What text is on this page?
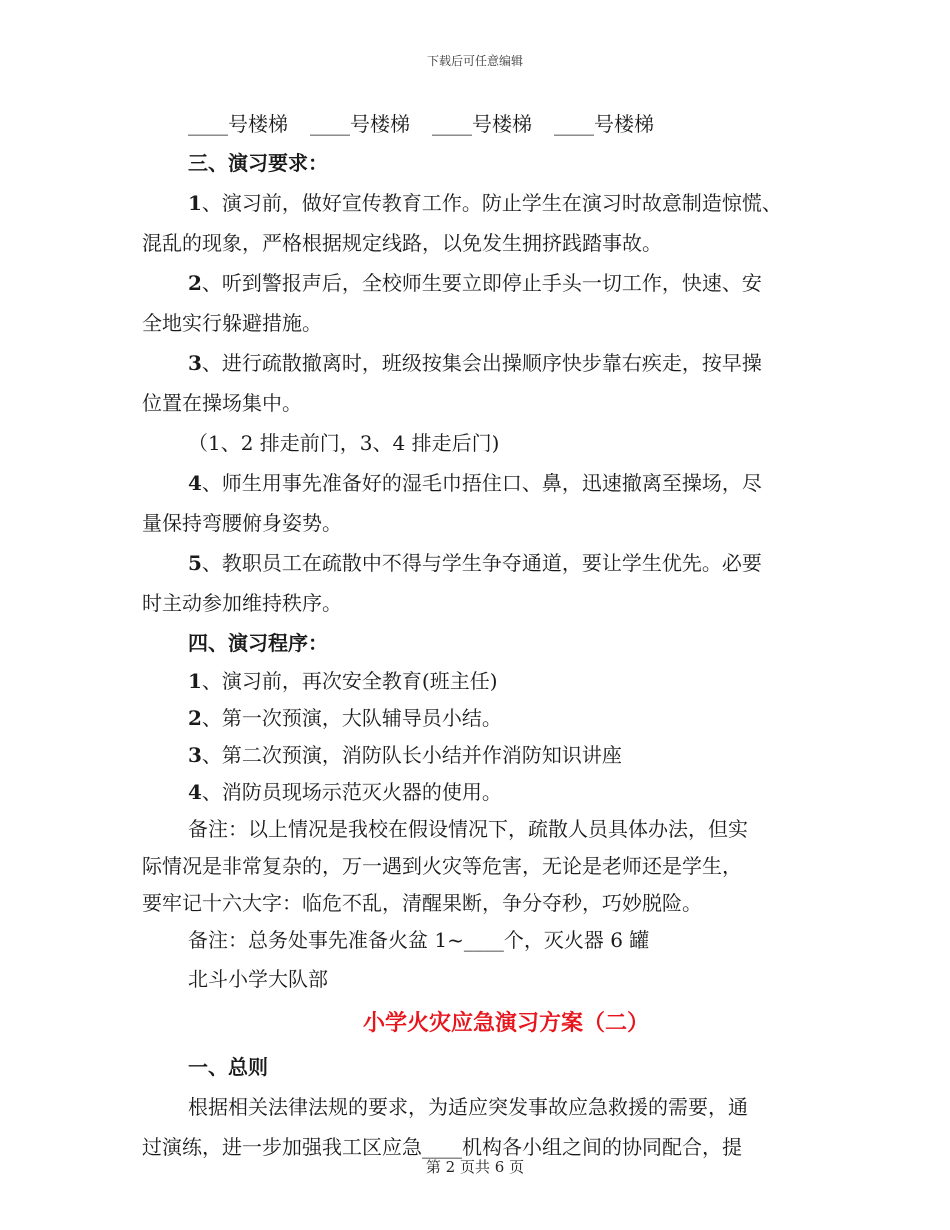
下载后可任意编辑
____号楼梯 ____号楼梯 ____号楼梯 ____号楼梯
三、演习要求：
1、演习前，做好宣传教育工作。防止学生在演习时故意制造惊慌、
混乱的现象，严格根据规定线路，以免发生拥挤践踏事故。
2、听到警报声后，全校师生要立即停止手头一切工作，快速、安
全地实行躲避措施。
3、进行疏散撤离时，班级按集会出操顺序快步靠右疾走，按早操
位置在操场集中。
（1、2 排走前门，3、4 排走后门)
4、师生用事先准备好的湿毛巾捂住口、鼻，迅速撤离至操场，尽
量保持弯腰俯身姿势。
5、教职员工在疏散中不得与学生争夺通道，要让学生优先。必要
时主动参加维持秩序。
四、演习程序：
1、演习前，再次安全教育(班主任)
2、第一次预演，大队辅导员小结。
3、第二次预演，消防队长小结并作消防知识讲座
4、消防员现场示范灭火器的使用。
备注：以上情况是我校在假设情况下，疏散人员具体办法，但实
际情况是非常复杂的，万一遇到火灾等危害，无论是老师还是学生，
要牢记十六大字：临危不乱，清醒果断，争分夺秒，巧妙脱险。
备注：总务处事先准备火盆 1~____个，灭火器 6 罐
北斗小学大队部
小学火灾应急演习方案（二）
一、总则
根据相关法律法规的要求，为适应突发事故应急救援的需要，通
过演练，进一步加强我工区应急____机构各小组之间的协同配合，提
第 2 页共 6 页
